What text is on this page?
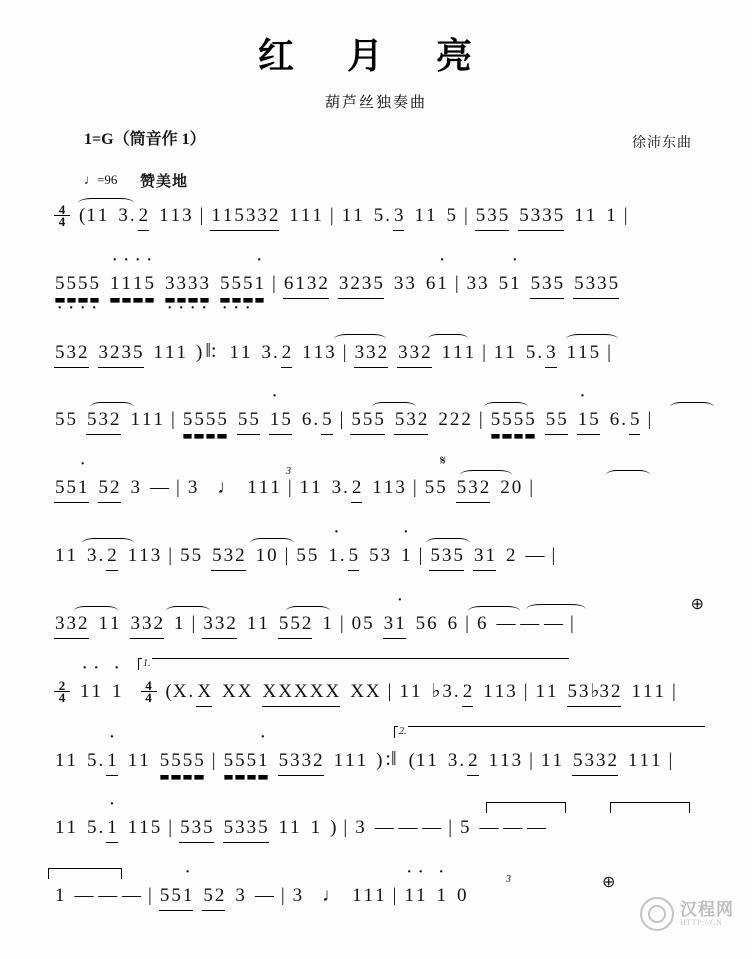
红 月 亮
葫芦丝独奏曲
1=G（筒音作 1）	徐沛东曲
♩=96 赞美地
$\frac{4}{4} (1$ 1 3. 2 1 1 3 | 1 1 5 3 3 2 1 1 1 | 1 1 5. 3 1 1 5 | 5 3 5 5 3 3 5 1 1 1 |
5 · 5 · 5 · 5 · · 1 · 1 · 1 · 5 3 · 3 · 3 · 3 · 5 · 5 · 5 · · 1 | 6 1 3 2 3 2 3 5 3 3 6 · 1 | 3 3 5 · 1 5 3 5 5 3 3 5
5 3 2 3 2 3 5 1 1 1 ) ‖: 1 1 3. 2 1 1 3 | 3 3 2 3 3 2 1 1 1 | 1 1 5. 3 1 1 5 |
5 5 5 3 2 1 1 1 | 5 5 5 5 5 5 · 1 5 6. 5 | 5 5 5 5 3 2 2 2 2 | 5 5 5 5 5 5 · 1 5 6. 5 |
5 5 · 1 5 2 3 — | 3 ♩ 1 1 1 | 1 1 3. 2 1 1 3 | 5 5 5 3 2 2 0 |
3
𝄋
1 1 3. 2 1 1 3 | 5 5 5 3 2 1 0 | 5 5 · 1. 5 5 3 · 1 | 5 3 5 3 1 2 — |
3 3 2 1 1 3 3 2 1 | 3 3 2 1 1 5 5 2 1 | 0 5 3 · 1 5 6 6 | 6 — — — |
⊕
$\frac{2}{4} \cdot 1 \cdot 1 \cdot 1 \frac{4}{4} (X$. X X X X X X X X X X | 1 1 ♭3. 2 1 1 3 | 1 1 5 3 ♭3 2 1 1 1 |
1.
1 1 5. · 1 1 1 5 5 5 5 | 5 5 5 · 1 5 3 3 2 1 1 1 ) :‖ (1 1 3. 2 1 1 3 | 1 1 5 3 3 2 1 1 1 |
2.
1 1 5. · 1 1 1 5 | 5 3 5 5 3 3 5 1 1 1 ) | 3 — — — | 5 — — —
1 — — — | 5 5 · 1 5 2 3 — | 3 ♩ 1 1 1 | · 1 · 1 · 1 0
3	⊕
汉程网
HTTP://CN
